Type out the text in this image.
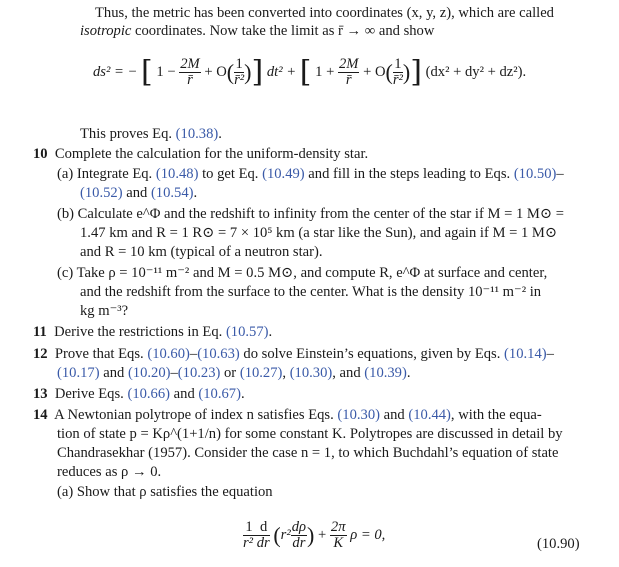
Thus, the metric has been converted into coordinates (x, y, z), which are called
isotropic coordinates. Now take the limit as r̄ → ∞ and show
ds² = − [ $1 - \frac{2M}{r̄} + O( \frac{1}{\text{r̄²}}$ )] dt² + [ $1 + \frac{2M}{r̄} + O( \frac{1}{\text{r̄²}}$ )] (dx² + dy² + dz²).
This proves Eq. (10.38).
10 Complete the calculation for the uniform-density star.
(a) Integrate Eq. (10.48) to get Eq. (10.49) and fill in the steps leading to Eqs. (10.50)–
(10.52) and (10.54).
(b) Calculate e^Φ and the redshift to infinity from the center of the star if M = 1 M⊙ =
1.47 km and R = 1 R⊙ = 7 × 10⁵ km (a star like the Sun), and again if M = 1 M⊙
and R = 10 km (typical of a neutron star).
(c) Take ρ = 10⁻¹¹ m⁻² and M = 0.5 M⊙, and compute R, e^Φ at surface and center,
and the redshift from the surface to the center. What is the density 10⁻¹¹ m⁻² in
kg m⁻³?
11 Derive the restrictions in Eq. (10.57).
12 Prove that Eqs. (10.60)–(10.63) do solve Einstein’s equations, given by Eqs. (10.14)–
(10.17) and (10.20)–(10.23) or (10.27), (10.30), and (10.39).
13 Derive Eqs. (10.66) and (10.67).
14 A Newtonian polytrope of index n satisfies Eqs. (10.30) and (10.44), with the equa-
tion of state p = Kρ^(1+1/n) for some constant K. Polytropes are discussed in detail by
Chandrasekhar (1957). Consider the case n = 1, to which Buchdahl’s equation of state
reduces as ρ → 0.
(a) Show that ρ satisfies the equation
$\frac{1 d}{\text{r² dr}} (r^2 \frac{d\rho}{dr}$ ) + $\frac{2\pi}{K}$ ρ = 0,
(10.90)
